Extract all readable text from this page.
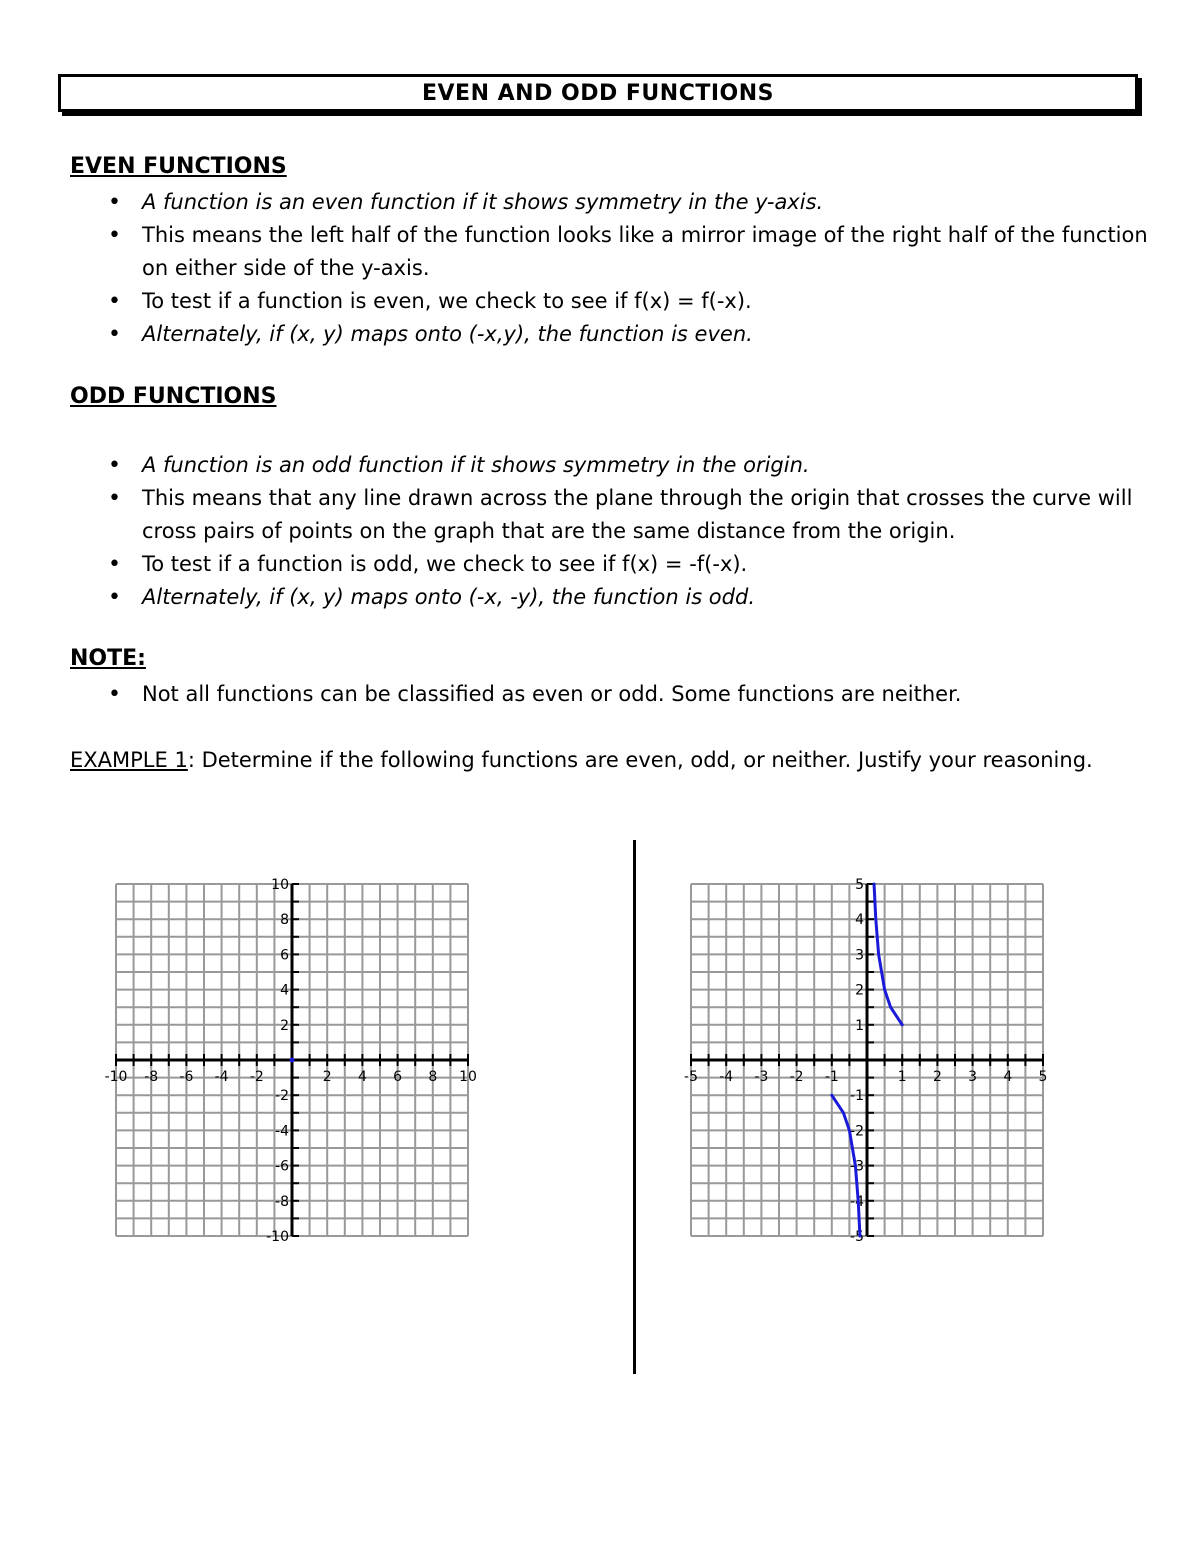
EVEN AND ODD FUNCTIONS
EVEN FUNCTIONS
• A function is an even function if it shows symmetry in the y-axis.
• This means the left half of the function looks like a mirror image of the right half of the function on either side of the y-axis.
• To test if a function is even, we check to see if f(x) = f(-x).
• Alternately, if (x, y) maps onto (-x,y), the function is even.
ODD FUNCTIONS
• A function is an odd function if it shows symmetry in the origin.
• This means that any line drawn across the plane through the origin that crosses the curve will cross pairs of points on the graph that are the same distance from the origin.
• To test if a function is odd, we check to see if f(x) = -f(-x).
• Alternately, if (x, y) maps onto (-x, -y), the function is odd.
NOTE:
• Not all functions can be classified as even or odd. Some functions are neither.

EXAMPLE 1: Determine if the following functions are even, odd, or neither. Justify your reasoning.

-10 -8 -6 -4 -2	2 4 6 8 10
10
8
6
4
2
-2
-4
-6
-8
-10
-5 -4 -3 -2 -1	1 2 3 4 5
5
4
3
2
1
-1
-2
-3
-4
-5
